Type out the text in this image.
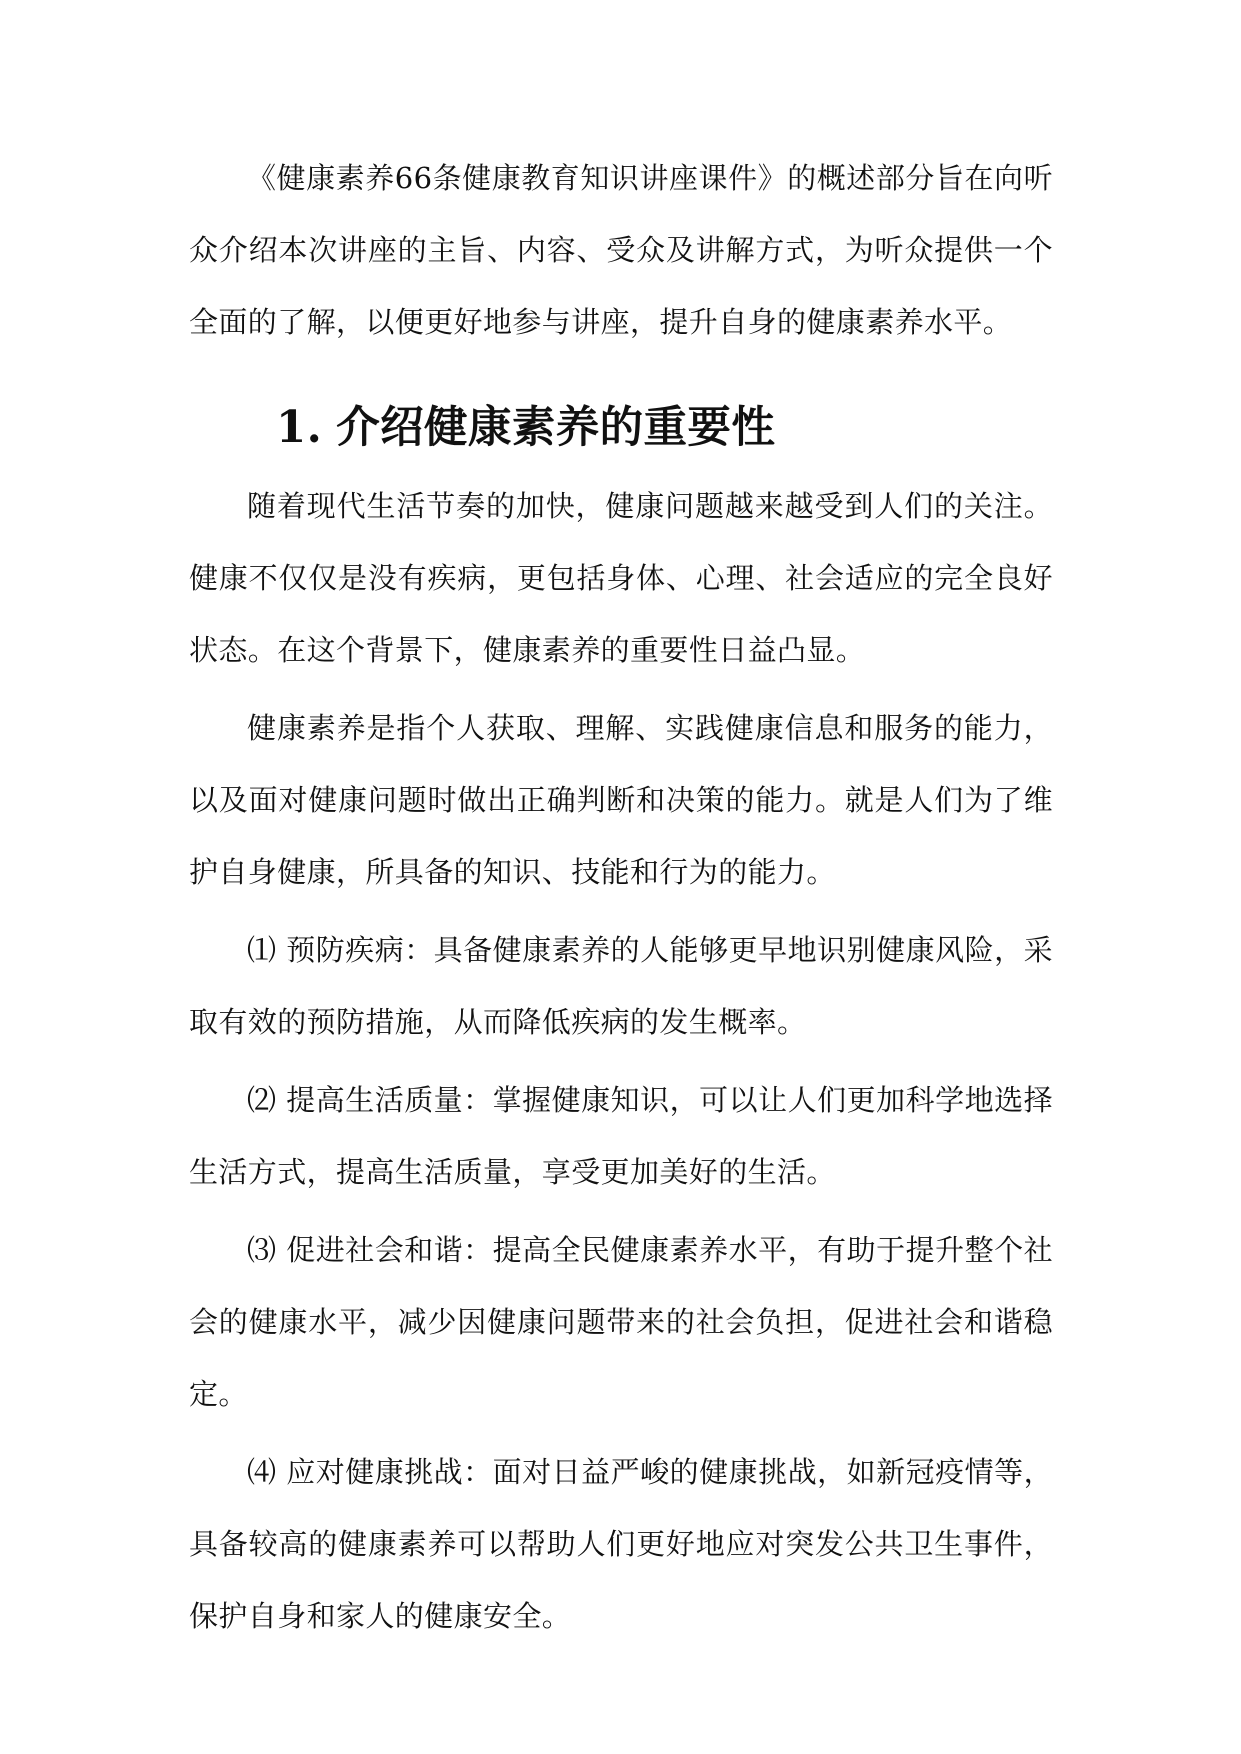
《健康素养66条健康教育知识讲座课件》的概述部分旨在向听众介绍本次讲座的主旨、内容、受众及讲解方式，为听众提供一个全面的了解，以便更好地参与讲座，提升自身的健康素养水平。

1. 介绍健康素养的重要性

随着现代生活节奏的加快，健康问题越来越受到人们的关注。健康不仅仅是没有疾病，更包括身体、心理、社会适应的完全良好状态。在这个背景下，健康素养的重要性日益凸显。

健康素养是指个人获取、理解、实践健康信息和服务的能力，以及面对健康问题时做出正确判断和决策的能力。就是人们为了维护自身健康，所具备的知识、技能和行为的能力。

⑴ 预防疾病：具备健康素养的人能够更早地识别健康风险，采取有效的预防措施，从而降低疾病的发生概率。

⑵ 提高生活质量：掌握健康知识，可以让人们更加科学地选择生活方式，提高生活质量，享受更加美好的生活。

⑶ 促进社会和谐：提高全民健康素养水平，有助于提升整个社会的健康水平，减少因健康问题带来的社会负担，促进社会和谐稳定。

⑷ 应对健康挑战：面对日益严峻的健康挑战，如新冠疫情等，具备较高的健康素养可以帮助人们更好地应对突发公共卫生事件，保护自身和家人的健康安全。
